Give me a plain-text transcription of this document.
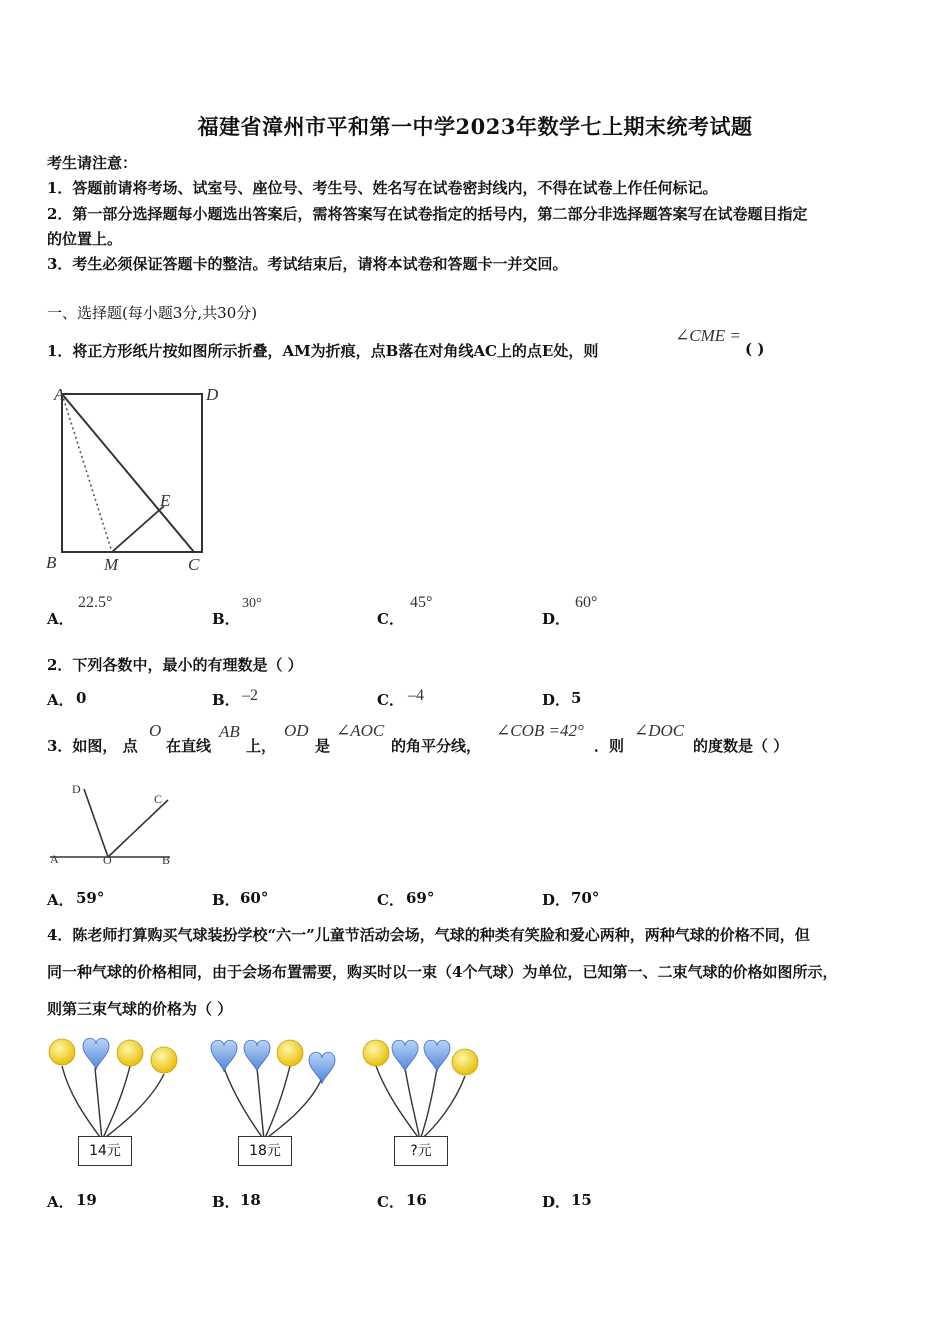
福建省漳州市平和第一中学2023年数学七上期末统考试题
考生请注意：
1．答题前请将考场、试室号、座位号、考生号、姓名写在试卷密封线内，不得在试卷上作任何标记。
2．第一部分选择题每小题选出答案后，需将答案写在试卷指定的括号内，第二部分非选择题答案写在试卷题目指定
的位置上。
3．考生必须保证答题卡的整洁。考试结束后，请将本试卷和答题卡一并交回。
一、选择题(每小题3分,共30分)
1．将正方形纸片按如图所示折叠，AM为折痕，点B落在对角线AC上的点E处，则
∠CME =
( )
A	D
B	M	C
E
A．
22.5°
B．
30°
C．
45°
D．
60°
2．下列各数中，最小的有理数是（ ）
A． 0	B． –2	C． –4	D． 5
3．如图， 点
O
在直线
AB
上，
OD
是
∠AOC
的角平分线，
∠COB =42°
．则
∠DOC
的度数是（ ）
D
C
A	O	B
A． 59°	B． 60°	C． 69°	D． 70°
4．陈老师打算购买气球装扮学校“六一”儿童节活动会场，气球的种类有笑脸和爱心两种，两种气球的价格不同，但
同一种气球的价格相同，由于会场布置需要，购买时以一束（4个气球）为单位，已知第一、二束气球的价格如图所示，
则第三束气球的价格为（ ）
14元	18元	?元
A． 19	B． 18	C． 16	D． 15
